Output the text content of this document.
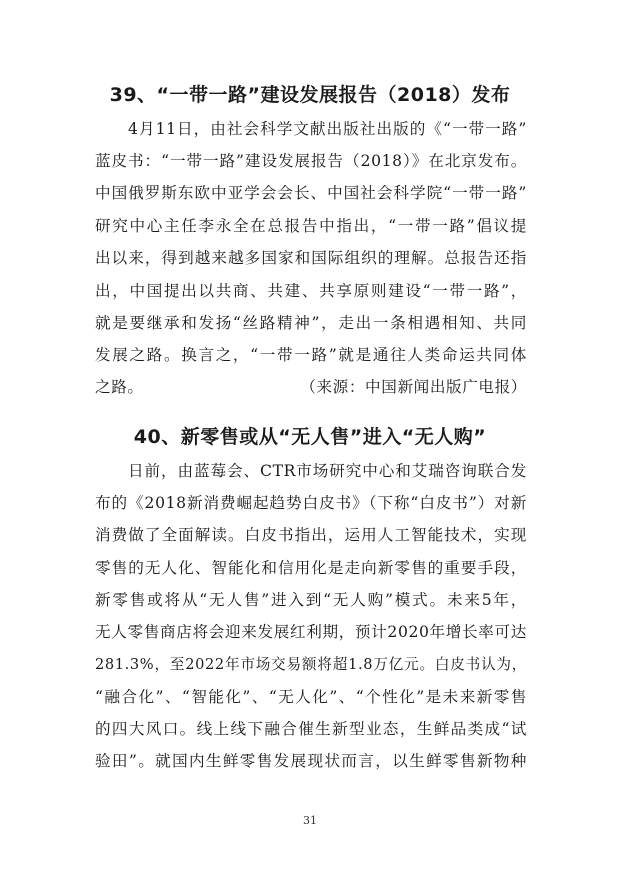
39、“一带一路”建设发展报告（2018）发布
4月11日，由社会科学文献出版社出版的《“一带一路”
蓝皮书：“一带一路”建设发展报告（2018）》在北京发布。
中国俄罗斯东欧中亚学会会长、中国社会科学院“一带一路”
研究中心主任李永全在总报告中指出，“一带一路”倡议提
出以来，得到越来越多国家和国际组织的理解。总报告还指
出，中国提出以共商、共建、共享原则建设“一带一路”，
就是要继承和发扬“丝路精神”，走出一条相遇相知、共同
发展之路。换言之，“一带一路”就是通往人类命运共同体
之路。	（来源：中国新闻出版广电报）
40、新零售或从“无人售”进入“无人购”
日前，由蓝莓会、CTR市场研究中心和艾瑞咨询联合发
布的《2018新消费崛起趋势白皮书》（下称“白皮书”）对新
消费做了全面解读。白皮书指出，运用人工智能技术，实现
零售的无人化、智能化和信用化是走向新零售的重要手段，
新零售或将从“无人售”进入到“无人购”模式。未来5年，
无人零售商店将会迎来发展红利期，预计2020年增长率可达
281.3%，至2022年市场交易额将超1.8万亿元。白皮书认为，
“融合化”、“智能化”、“无人化”、“个性化”是未来新零售
的四大风口。线上线下融合催生新型业态，生鲜品类成“试
验田”。就国内生鲜零售发展现状而言，以生鲜零售新物种
31
